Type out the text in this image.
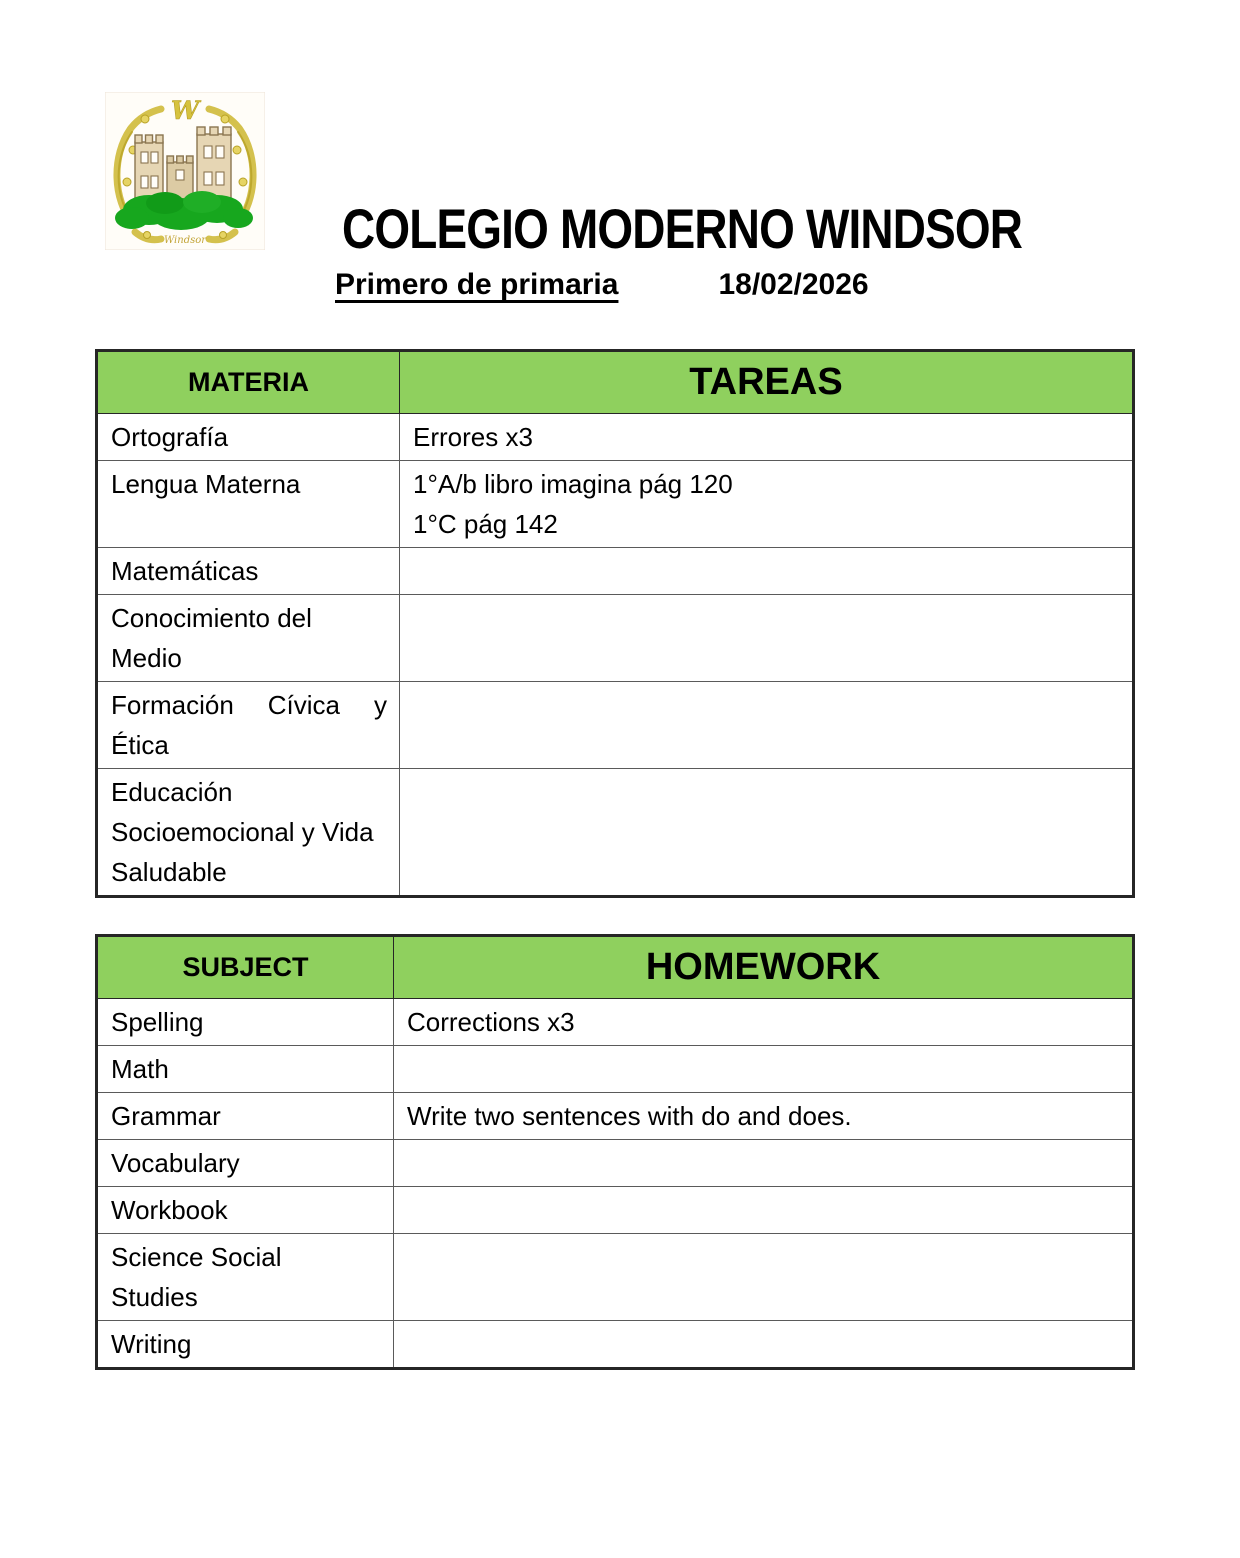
W
Windsor COLEGIO MODERNO WINDSOR
Primero de primaria	18/02/2026
MATERIA	TAREAS

Ortografía	Errores x3

Lengua Materna	1°A/b libro imagina pág 120
1°C pág 142

Matemáticas	

Conocimiento del
Medio	

Formación Cívica y
Ética	

Educación
Socioemocional y Vida
Saludable	

SUBJECT	HOMEWORK

Spelling	Corrections x3

Math	

Grammar	Write two sentences with do and does.

Vocabulary	

Workbook	

Science Social
Studies	

Writing	
